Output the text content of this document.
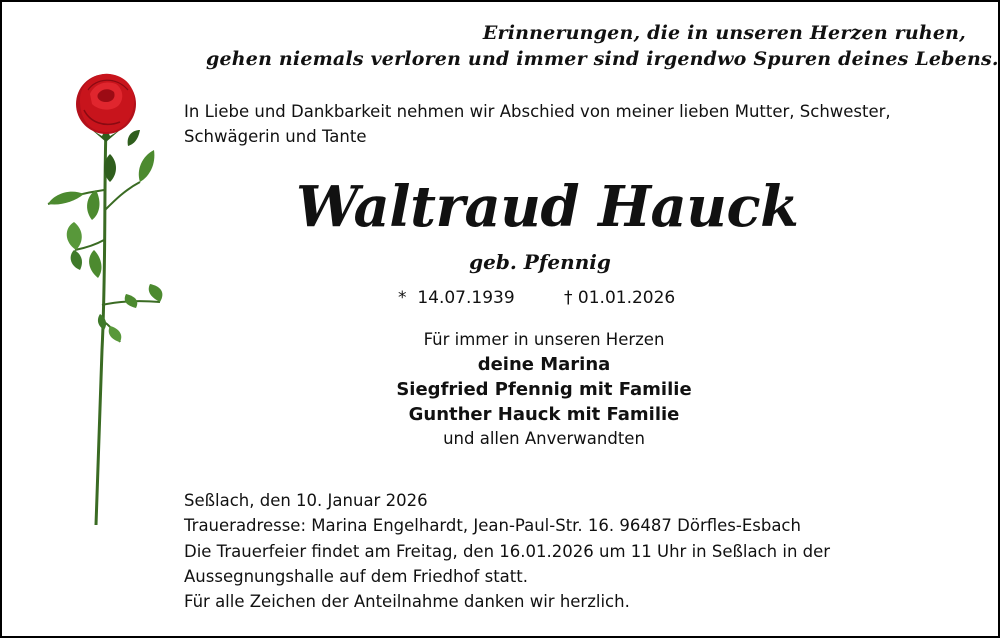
Erinnerungen, die in unseren Herzen ruhen,
gehen niemals verloren und immer sind irgendwo Spuren deines Lebens.
In Liebe und Dankbarkeit nehmen wir Abschied von meiner lieben Mutter, Schwester,
Schwägerin und Tante
Waltraud Hauck
geb. Pfennig
* 14.07.1939	† 01.01.2026
Für immer in unseren Herzen
deine Marina
Siegfried Pfennig mit Familie
Gunther Hauck mit Familie
und allen Anverwandten
Seßlach, den 10. Januar 2026
Traueradresse: Marina Engelhardt, Jean-Paul-Str. 16. 96487 Dörfles-Esbach
Die Trauerfeier findet am Freitag, den 16.01.2026 um 11 Uhr in Seßlach in der
Aussegnungshalle auf dem Friedhof statt.
Für alle Zeichen der Anteilnahme danken wir herzlich.
